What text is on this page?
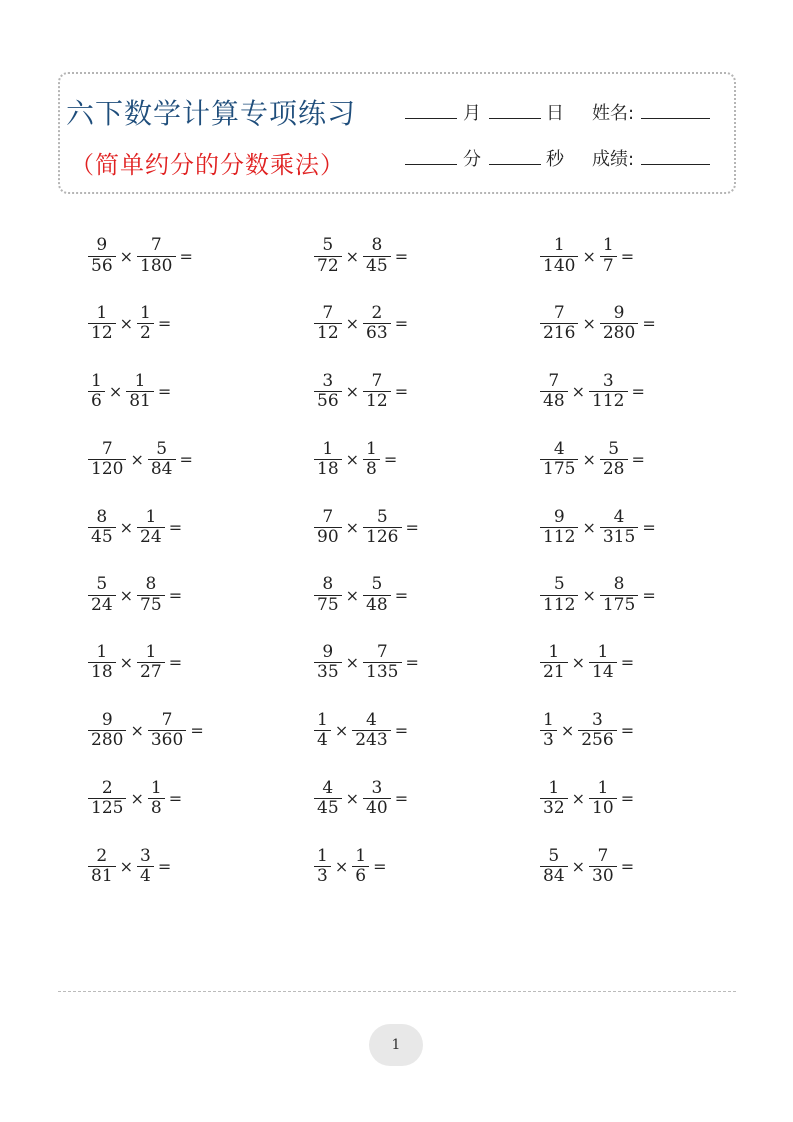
六下数学计算专项练习
（简单约分的分数乘法）
月	日 姓名:
分	秒 成绩:
$\frac{9}{56} \times \frac{7}{180}$ =	$\frac{5}{72} \times \frac{8}{45}$ =	$\frac{1}{140} \times \frac{1}{7}$ =
$\frac{1}{12} \times \frac{1}{2}$ =	$\frac{7}{12} \times \frac{2}{63}$ =	$\frac{7}{216} \times \frac{9}{280}$ =
$\frac{1}{6} \times \frac{1}{81}$ =	$\frac{3}{56} \times \frac{7}{12}$ =	$\frac{7}{48} \times \frac{3}{112}$ =
$\frac{7}{120} \times \frac{5}{84}$ =	$\frac{1}{18} \times \frac{1}{8}$ =	$\frac{4}{175} \times \frac{5}{28}$ =
$\frac{8}{45} \times \frac{1}{24}$ =	$\frac{7}{90} \times \frac{5}{126}$ =	$\frac{9}{112} \times \frac{4}{315}$ =
$\frac{5}{24} \times \frac{8}{75}$ =	$\frac{8}{75} \times \frac{5}{48}$ =	$\frac{5}{112} \times \frac{8}{175}$ =
$\frac{1}{18} \times \frac{1}{27}$ =	$\frac{9}{35} \times \frac{7}{135}$ =	$\frac{1}{21} \times \frac{1}{14}$ =
$\frac{9}{280} \times \frac{7}{360}$ =	$\frac{1}{4} \times \frac{4}{243}$ =	$\frac{1}{3} \times \frac{3}{256}$ =
$\frac{2}{125} \times \frac{1}{8}$ =	$\frac{4}{45} \times \frac{3}{40}$ =	$\frac{1}{32} \times \frac{1}{10}$ =
$\frac{2}{81} \times \frac{3}{4}$ =	$\frac{1}{3} \times \frac{1}{6}$ =	$\frac{5}{84} \times \frac{7}{30}$ =
1
